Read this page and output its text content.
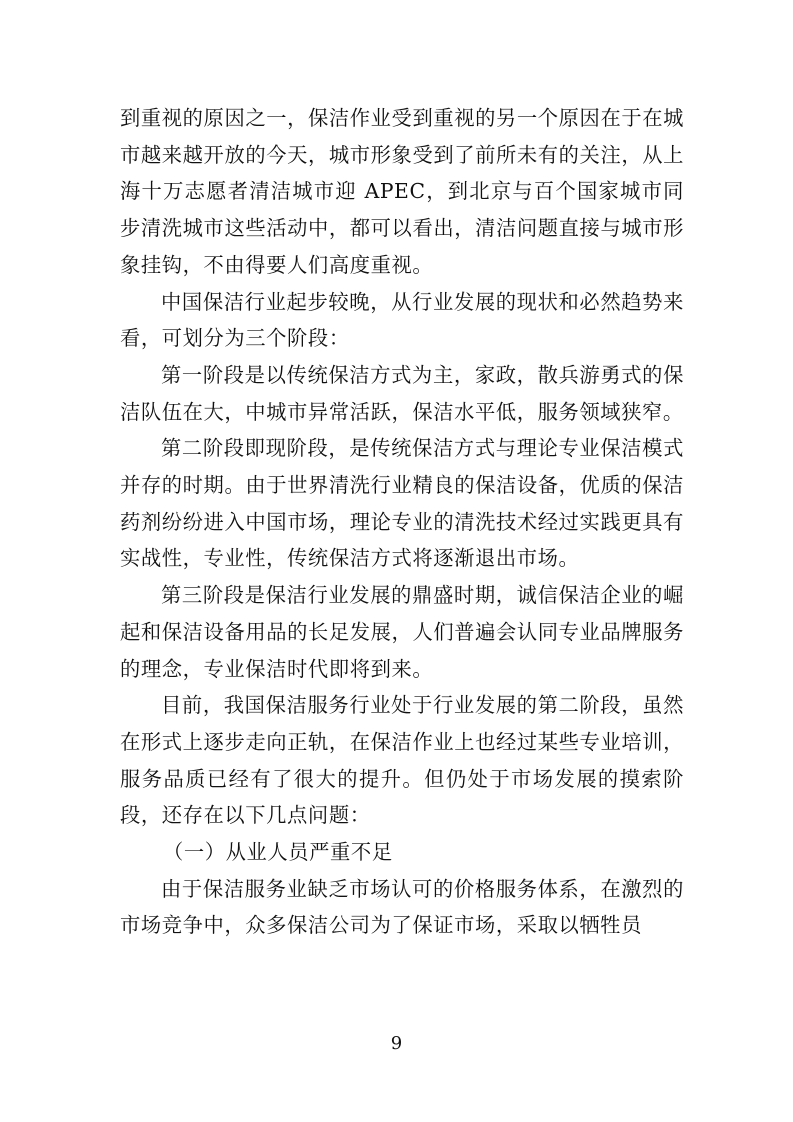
到重视的原因之一，保洁作业受到重视的另一个原因在于在城市越来越开放的今天，城市形象受到了前所未有的关注，从上海十万志愿者清洁城市迎 APEC，到北京与百个国家城市同步清洗城市这些活动中，都可以看出，清洁问题直接与城市形象挂钩，不由得要人们高度重视。

中国保洁行业起步较晚，从行业发展的现状和必然趋势来看，可划分为三个阶段：

第一阶段是以传统保洁方式为主，家政，散兵游勇式的保洁队伍在大，中城市异常活跃，保洁水平低，服务领域狭窄。

第二阶段即现阶段，是传统保洁方式与理论专业保洁模式并存的时期。由于世界清洗行业精良的保洁设备，优质的保洁药剂纷纷进入中国市场，理论专业的清洗技术经过实践更具有实战性，专业性，传统保洁方式将逐渐退出市场。

第三阶段是保洁行业发展的鼎盛时期，诚信保洁企业的崛起和保洁设备用品的长足发展，人们普遍会认同专业品牌服务的理念，专业保洁时代即将到来。

目前，我国保洁服务行业处于行业发展的第二阶段，虽然在形式上逐步走向正轨，在保洁作业上也经过某些专业培训，服务品质已经有了很大的提升。但仍处于市场发展的摸索阶段，还存在以下几点问题：

（一）从业人员严重不足

由于保洁服务业缺乏市场认可的价格服务体系，在激烈的市场竞争中，众多保洁公司为了保证市场，采取以牺牲员

9
